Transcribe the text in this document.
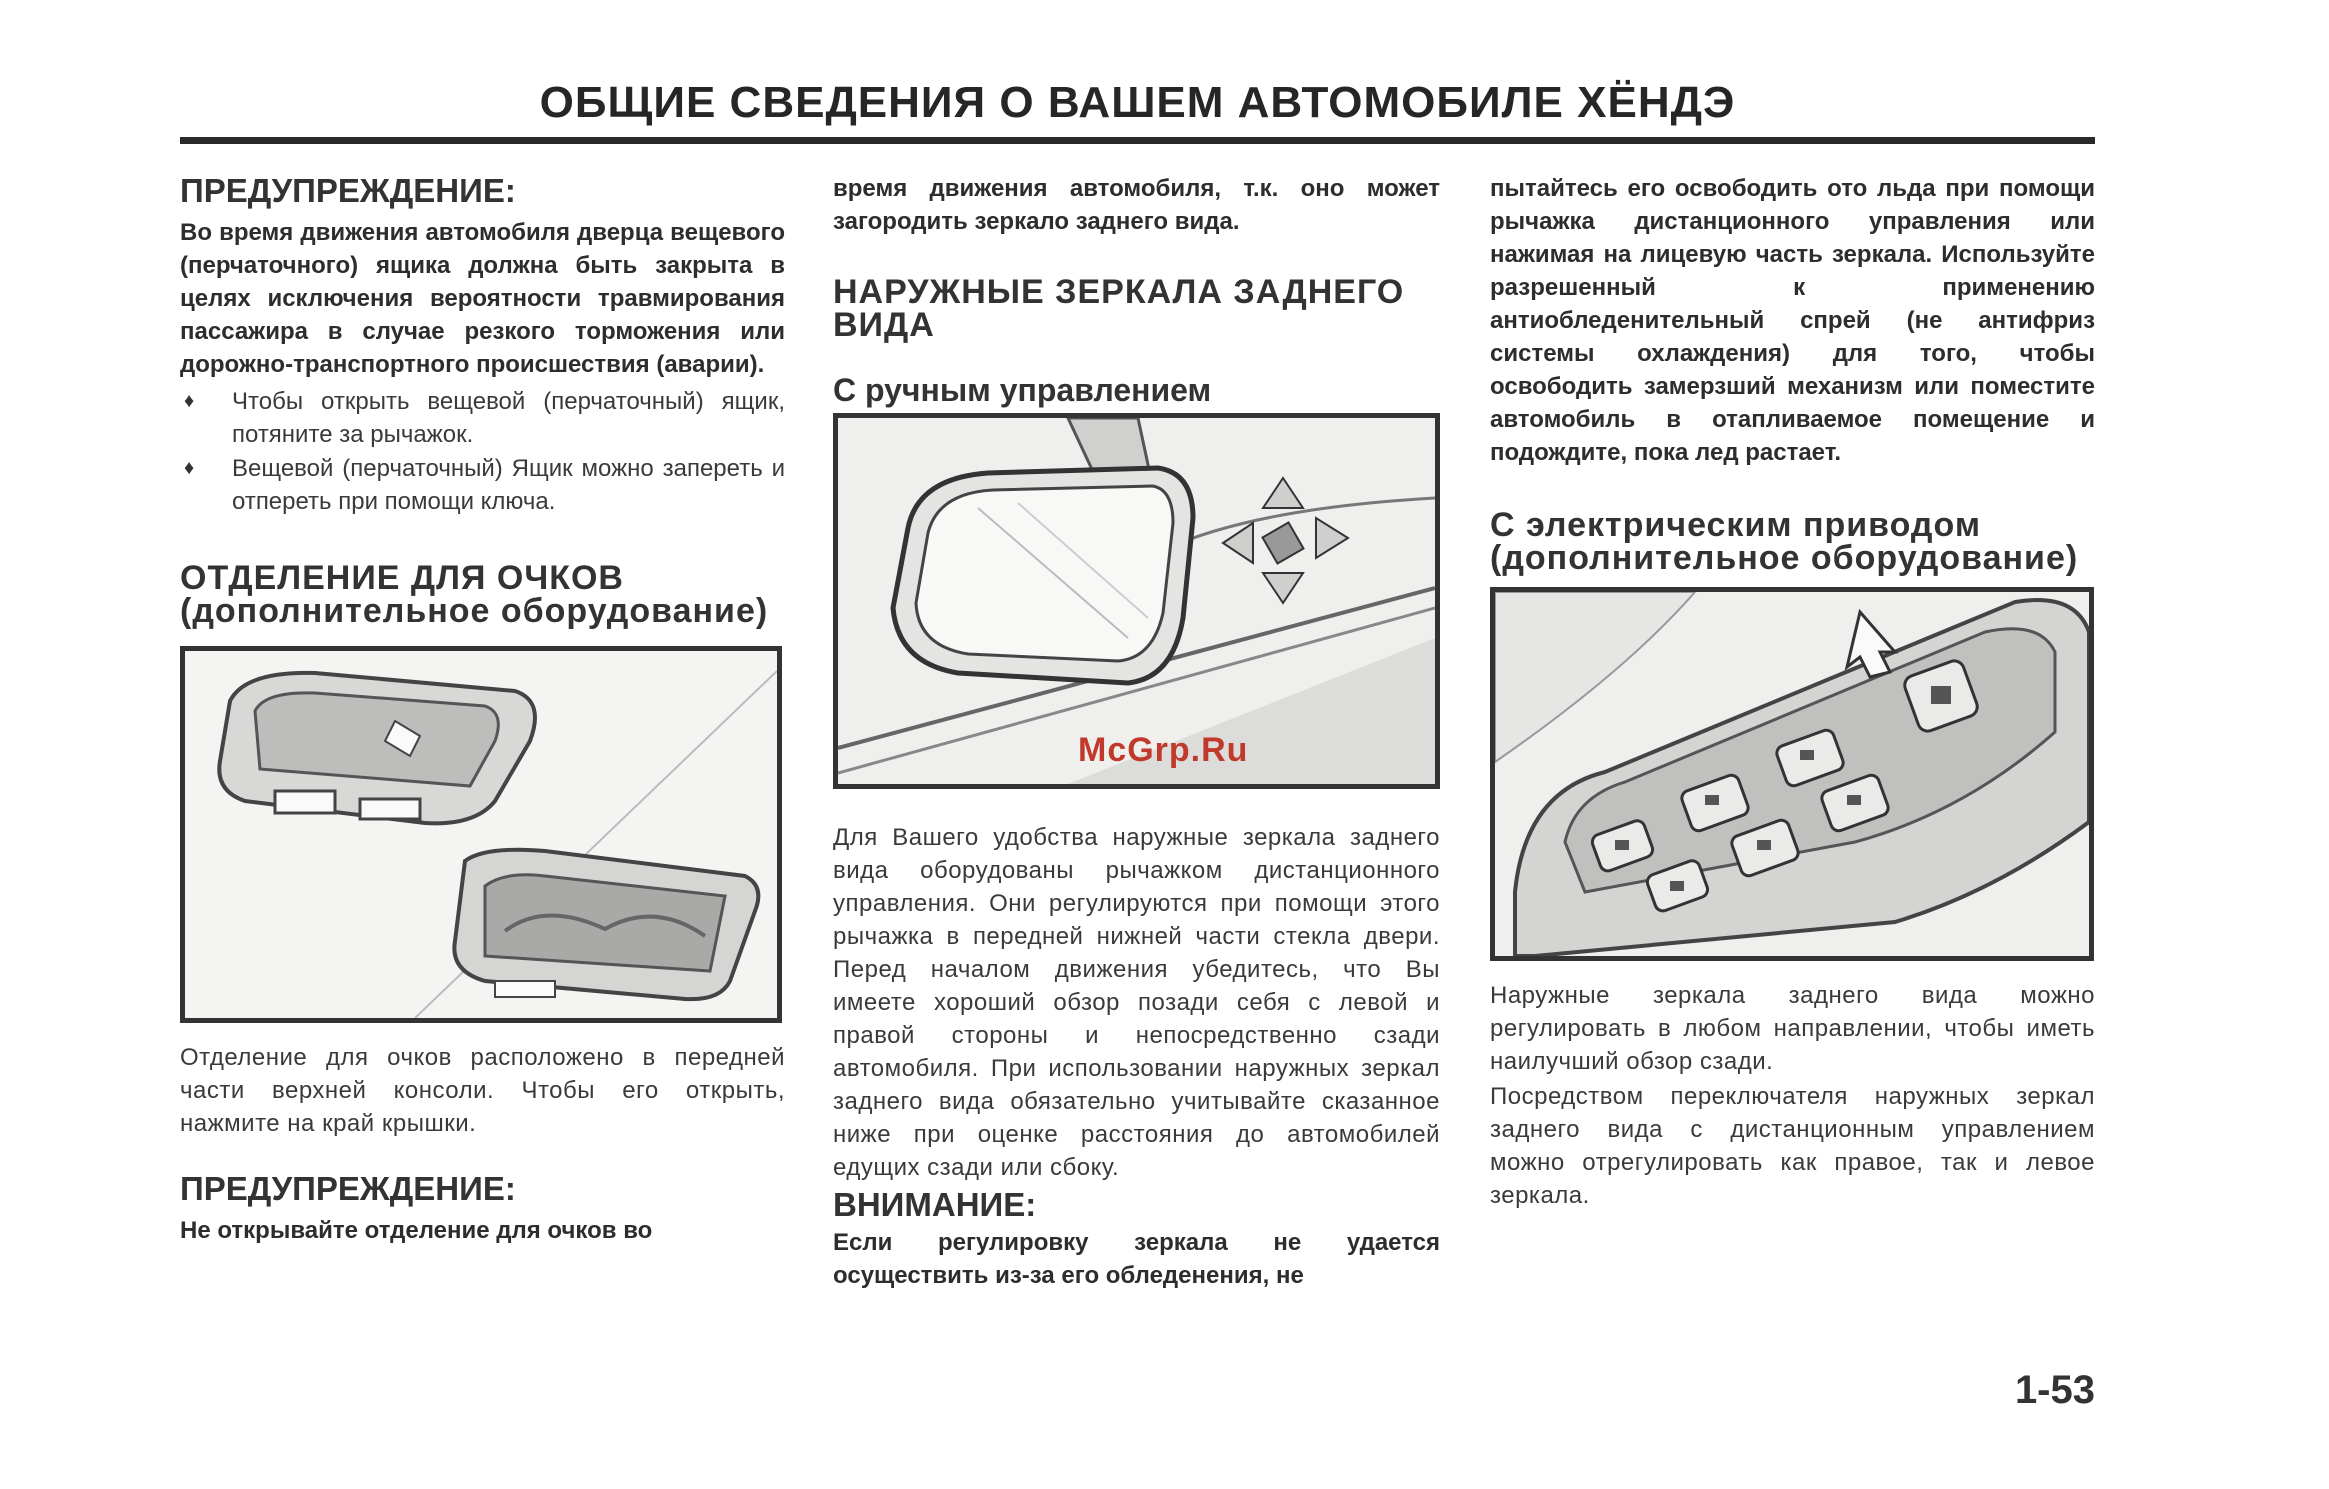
ОБЩИЕ СВЕДЕНИЯ О ВАШЕМ АВТОМОБИЛЕ ХЁНДЭ
ПРЕДУПРЕЖДЕНИЕ:

Во время движения автомобиля дверца вещевого (перчаточного) ящика должна быть закрыта в целях исключения вероятности травмирования пассажира в случае резкого торможения или дорожно-транспортного происшествия (аварии).

♦ Чтобы открыть вещевой (перчаточный) ящик, потяните за рычажок.
♦ Вещевой (перчаточный) Ящик можно запереть и отпереть при помощи ключа.
ОТДЕЛЕНИЕ ДЛЯ ОЧКОВ (дополнительное оборудование)

Отделение для очков расположено в передней части верхней консоли. Чтобы его открыть, нажмите на край крышки.

ПРЕДУПРЕЖДЕНИЕ:

Не открывайте отделение для очков во

время движения автомобиля, т.к. оно может загородить зеркало заднего вида.

НАРУЖНЫЕ ЗЕРКАЛА ЗАДНЕГО ВИДА
С ручным управлением

Для Вашего удобства наружные зеркала заднего вида оборудованы рычажком дистанционного управления. Они регулируются при помощи этого рычажка в передней нижней части стекла двери. Перед началом движения убедитесь, что Вы имеете хороший обзор позади себя с левой и правой стороны и непосредственно сзади автомобиля. При использовании наружных зеркал заднего вида обязательно учитывайте сказанное ниже при оценке расстояния до автомобилей едущих сзади или сбоку.

ВНИМАНИЕ:

Если регулировку зеркала не удается осуществить из-за его обледенения, не

пытайтесь его освободить ото льда при помощи рычажка дистанционного управления или нажимая на лицевую часть зеркала. Используйте разрешенный к применению антиобледенительный спрей (не антифриз системы охлаждения) для того, чтобы освободить замерзший механизм или поместите автомобиль в отапливаемое помещение и подождите, пока лед растает.

С электрическим приводом (дополнительное оборудование)

Наружные зеркала заднего вида можно регулировать в любом направлении, чтобы иметь наилучший обзор сзади.

Посредством переключателя наружных зеркал заднего вида с дистанционным управлением можно отрегулировать как правое, так и левое зеркала.

McGrp.Ru
1-53
